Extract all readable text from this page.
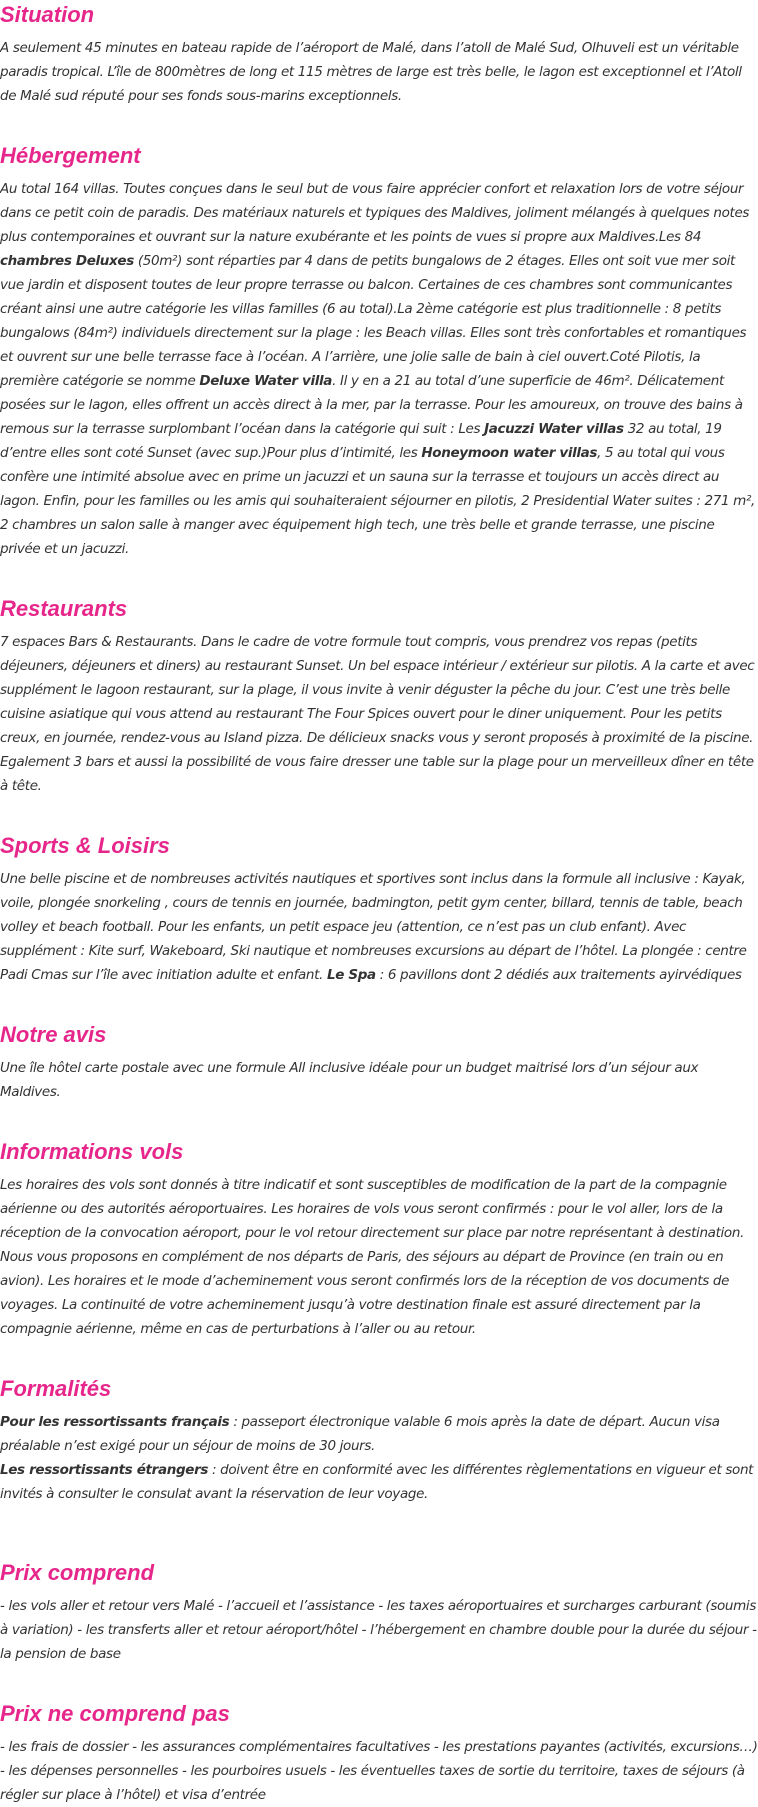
Situation

A seulement 45 minutes en bateau rapide de l’aéroport de Malé, dans l’atoll de Malé Sud, Olhuveli est un véritable paradis tropical. L’île de 800mètres de long et 115 mètres de large est très belle, le lagon est exceptionnel et l’Atoll de Malé sud réputé pour ses fonds sous-marins exceptionnels.

Hébergement

Au total 164 villas. Toutes conçues dans le seul but de vous faire apprécier confort et relaxation lors de votre séjour dans ce petit coin de paradis. Des matériaux naturels et typiques des Maldives, joliment mélangés à quelques notes plus contemporaines et ouvrant sur la nature exubérante et les points de vues si propre aux Maldives.Les 84 chambres Deluxes (50m²) sont réparties par 4 dans de petits bungalows de 2 étages. Elles ont soit vue mer soit vue jardin et disposent toutes de leur propre terrasse ou balcon. Certaines de ces chambres sont communicantes créant ainsi une autre catégorie les villas familles (6 au total).La 2ème catégorie est plus traditionnelle : 8 petits bungalows (84m²) individuels directement sur la plage : les Beach villas. Elles sont très confortables et romantiques et ouvrent sur une belle terrasse face à l’océan. A l’arrière, une jolie salle de bain à ciel ouvert.Coté Pilotis, la première catégorie se nomme Deluxe Water villa. Il y en a 21 au total d’une superficie de 46m². Délicatement posées sur le lagon, elles offrent un accès direct à la mer, par la terrasse. Pour les amoureux, on trouve des bains à remous sur la terrasse surplombant l’océan dans la catégorie qui suit : Les Jacuzzi Water villas 32 au total, 19 d’entre elles sont coté Sunset (avec sup.)Pour plus d’intimité, les Honeymoon water villas, 5 au total qui vous confère une intimité absolue avec en prime un jacuzzi et un sauna sur la terrasse et toujours un accès direct au lagon. Enfin, pour les familles ou les amis qui souhaiteraient séjourner en pilotis, 2 Presidential Water suites : 271 m², 2 chambres un salon salle à manger avec équipement high tech, une très belle et grande terrasse, une piscine privée et un jacuzzi.

Restaurants

7 espaces Bars & Restaurants. Dans le cadre de votre formule tout compris, vous prendrez vos repas (petits déjeuners, déjeuners et diners) au restaurant Sunset. Un bel espace intérieur / extérieur sur pilotis. A la carte et avec supplément le lagoon restaurant, sur la plage, il vous invite à venir déguster la pêche du jour. C’est une très belle cuisine asiatique qui vous attend au restaurant The Four Spices ouvert pour le diner uniquement. Pour les petits creux, en journée, rendez-vous au Island pizza. De délicieux snacks vous y seront proposés à proximité de la piscine. Egalement 3 bars et aussi la possibilité de vous faire dresser une table sur la plage pour un merveilleux dîner en tête à tête.

Sports & Loisirs

Une belle piscine et de nombreuses activités nautiques et sportives sont inclus dans la formule all inclusive : Kayak, voile, plongée snorkeling , cours de tennis en journée, badmington, petit gym center, billard, tennis de table, beach volley et beach football. Pour les enfants, un petit espace jeu (attention, ce n’est pas un club enfant). Avec supplément : Kite surf, Wakeboard, Ski nautique et nombreuses excursions au départ de l’hôtel. La plongée : centre Padi Cmas sur l’île avec initiation adulte et enfant. Le Spa : 6 pavillons dont 2 dédiés aux traitements ayirvédiques

Notre avis

Une île hôtel carte postale avec une formule All inclusive idéale pour un budget maitrisé lors d’un séjour aux Maldives.

Informations vols

Les horaires des vols sont donnés à titre indicatif et sont susceptibles de modification de la part de la compagnie aérienne ou des autorités aéroportuaires. Les horaires de vols vous seront confirmés : pour le vol aller, lors de la réception de la convocation aéroport, pour le vol retour directement sur place par notre représentant à destination. Nous vous proposons en complément de nos départs de Paris, des séjours au départ de Province (en train ou en avion). Les horaires et le mode d’acheminement vous seront confirmés lors de la réception de vos documents de voyages. La continuité de votre acheminement jusqu’à votre destination finale est assuré directement par la compagnie aérienne, même en cas de perturbations à l’aller ou au retour.

Formalités

Pour les ressortissants français : passeport électronique valable 6 mois après la date de départ. Aucun visa préalable n’est exigé pour un séjour de moins de 30 jours.

Les ressortissants étrangers : doivent être en conformité avec les différentes règlementations en vigueur et sont invités à consulter le consulat avant la réservation de leur voyage.

Prix comprend

- les vols aller et retour vers Malé - l’accueil et l’assistance - les taxes aéroportuaires et surcharges carburant (soumis à variation) - les transferts aller et retour aéroport/hôtel - l’hébergement en chambre double pour la durée du séjour - la pension de base

Prix ne comprend pas

- les frais de dossier - les assurances complémentaires facultatives - les prestations payantes (activités, excursions…) - les dépenses personnelles - les pourboires usuels - les éventuelles taxes de sortie du territoire, taxes de séjours (à régler sur place à l’hôtel) et visa d’entrée
